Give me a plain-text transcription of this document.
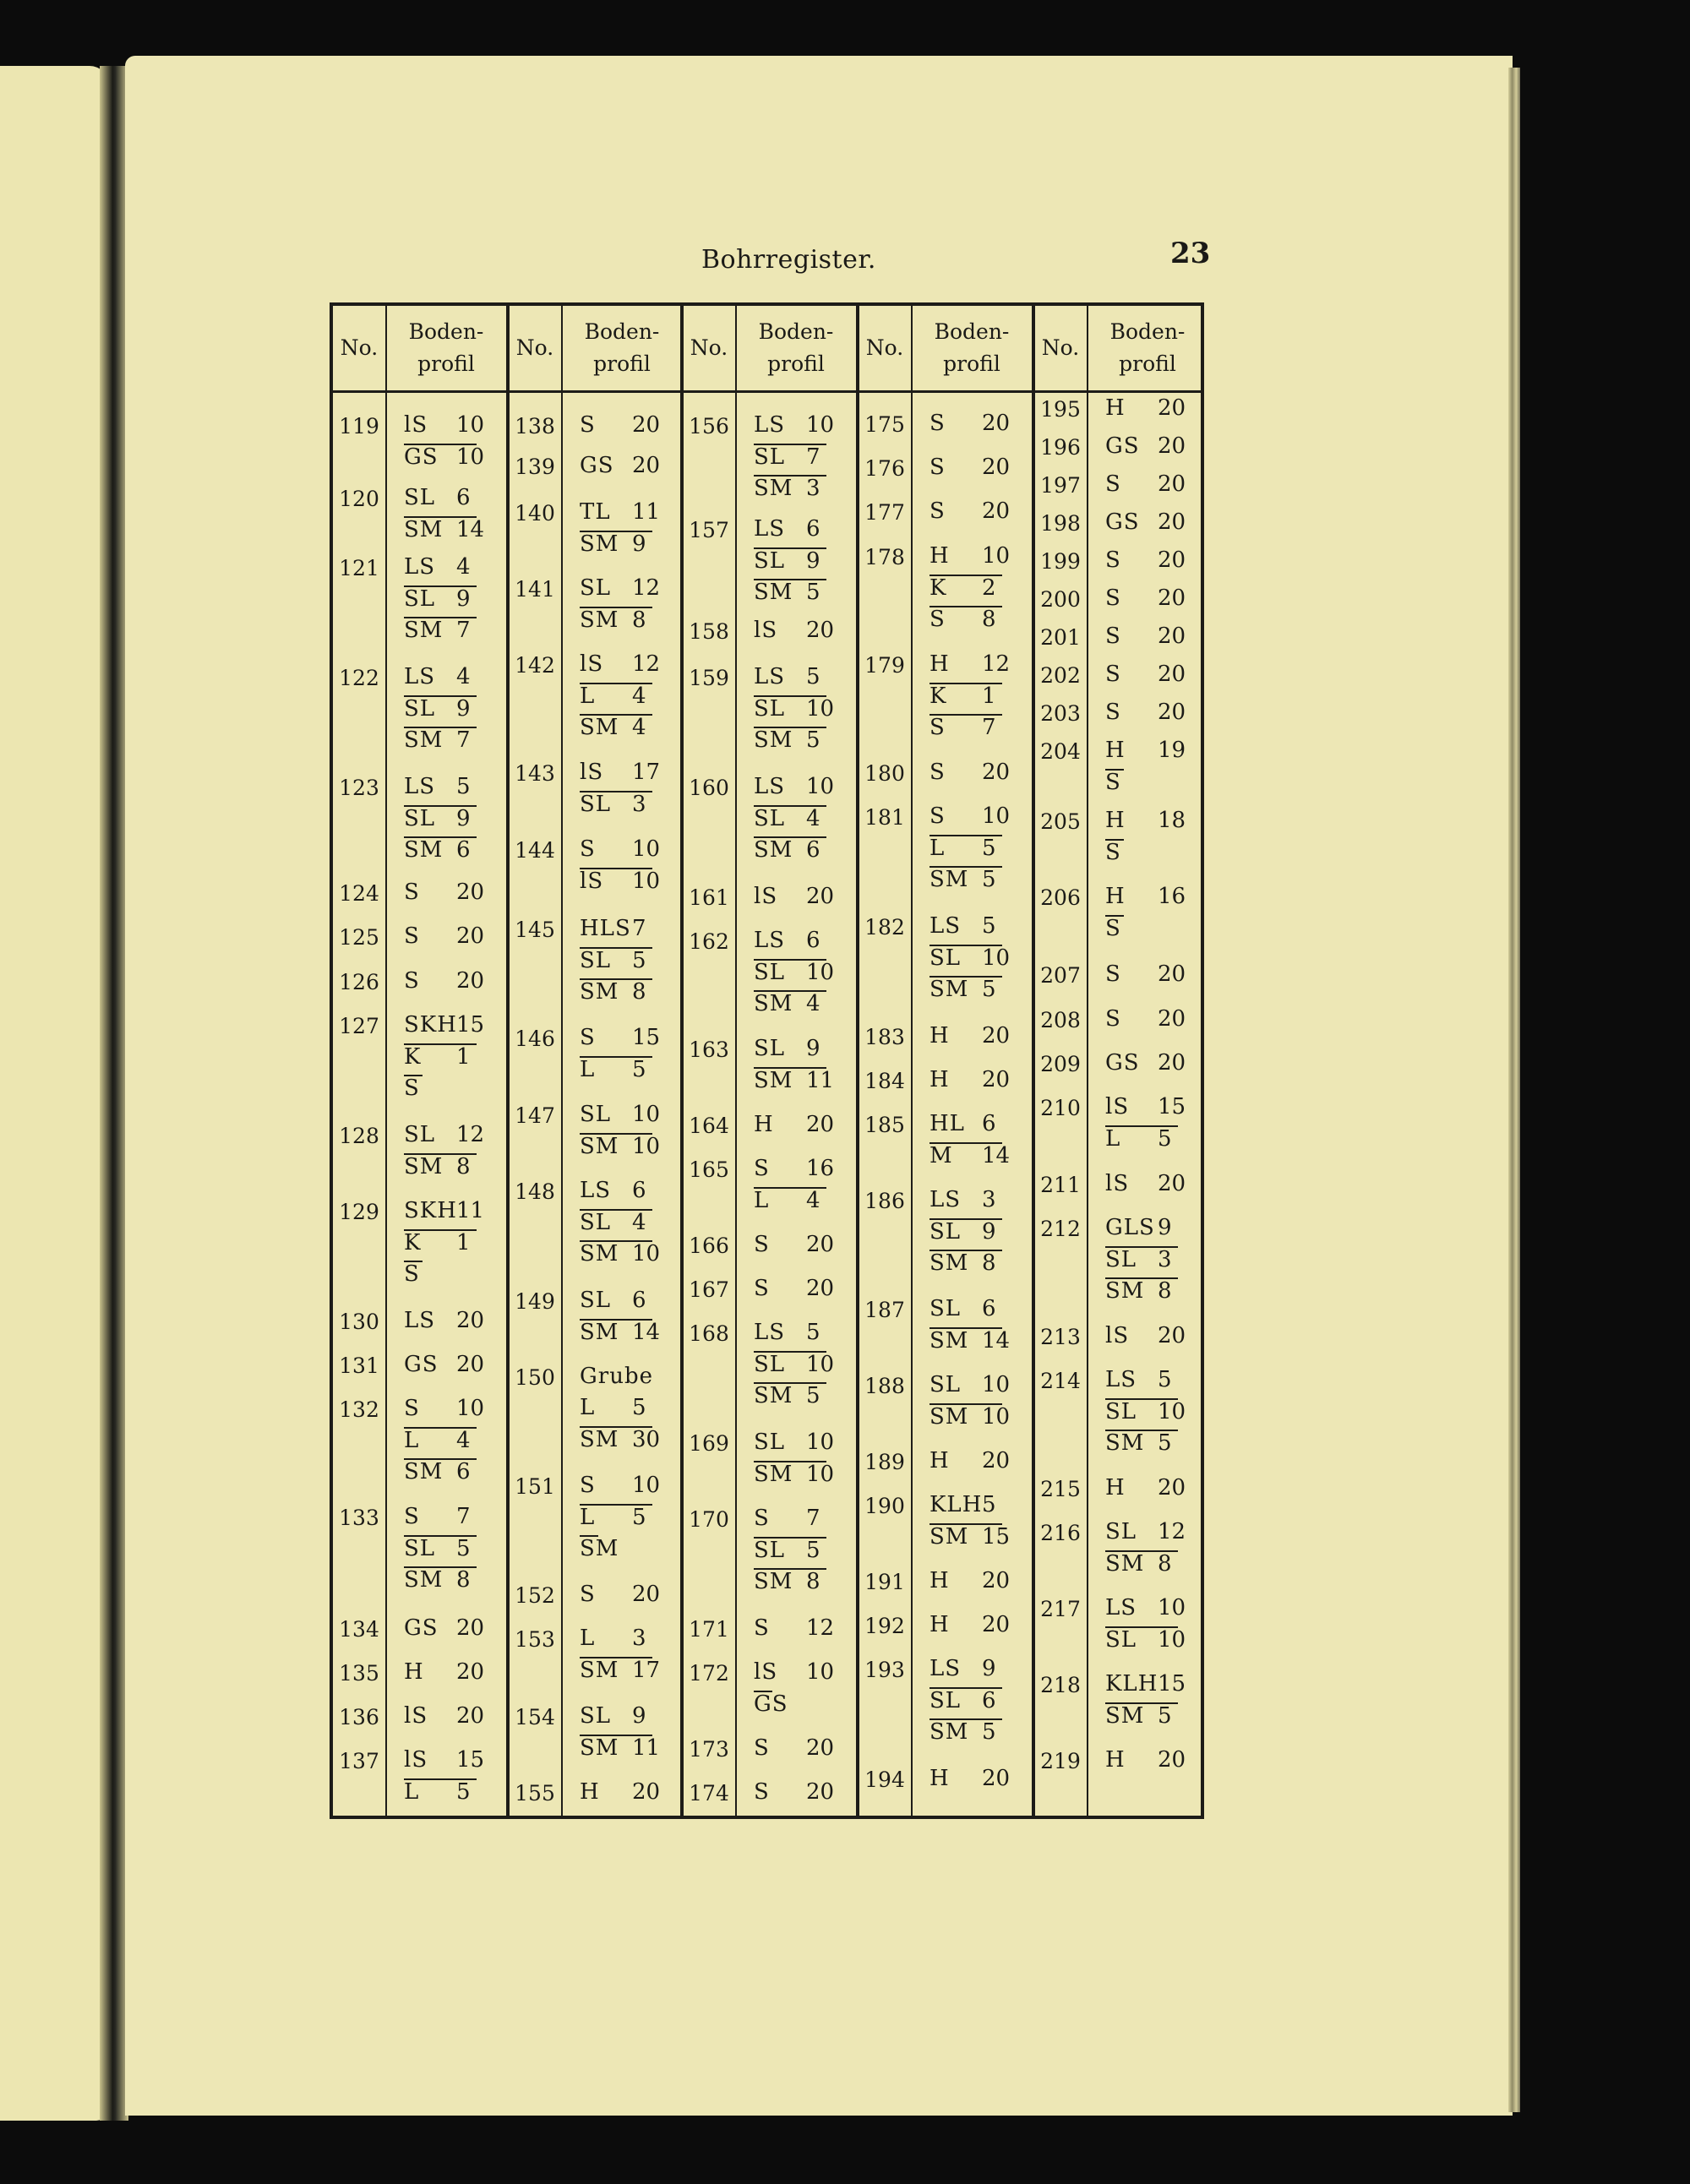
Bohrregister.	23
No.
Boden-
profil
119 lS 10
GS 10
120 SL 6
SM 14
121 LS 4
SL 9
SM 7
122 LS 4
SL 9
SM 7
123 LS 5
SL 9
SM 6
124 S 20
125 S 20
126 S 20
127 SKH 15
K 1
S
128 SL 12
SM 8
129 SKH 11
K 1
S
130 LS 20
131 GS 20
132 S 10
L 4
SM 6
133 S 7
SL 5
SM 8
134 GS 20
135 H 20
136 lS 20
137 lS 15
L 5
No.
Boden-
profil
138 S 20
139 GS 20
140 TL 11
SM 9
141 SL 12
SM 8
142 lS 12
L 4
SM 4
143 lS 17
SL 3
144 S 10
lS 10
145 HLS 7
SL 5
SM 8
146 S 15
L 5
147 SL 10
SM 10
148 LS 6
SL 4
SM 10
149 SL 6
SM 14
150 Grube
L 5
SM 30
151 S 10
L 5
SM
152 S 20
153 L 3
SM 17
154 SL 9
SM 11
155 H 20
No.
Boden-
profil
156 LS 10
SL 7
SM 3
157 LS 6
SL 9
SM 5
158 lS 20
159 LS 5
SL 10
SM 5
160 LS 10
SL 4
SM 6
161 lS 20
162 LS 6
SL 10
SM 4
163 SL 9
SM 11
164 H 20
165 S 16
L 4
166 S 20
167 S 20
168 LS 5
SL 10
SM 5
169 SL 10
SM 10
170 S 7
SL 5
SM 8
171 S 12
172 lS 10
GS
173 S 20
174 S 20
No.
Boden-
profil
175 S 20
176 S 20
177 S 20
178 H 10
K 2
S 8
179 H 12
K 1
S 7
180 S 20
181 S 10
L 5
SM 5
182 LS 5
SL 10
SM 5
183 H 20
184 H 20
185 HL 6
M 14
186 LS 3
SL 9
SM 8
187 SL 6
SM 14
188 SL 10
SM 10
189 H 20
190 KLH 5
SM 15
191 H 20
192 H 20
193 LS 9
SL 6
SM 5
194 H 20
No.
Boden-
profil
195 H 20
196 GS 20
197 S 20
198 GS 20
199 S 20
200 S 20
201 S 20
202 S 20
203 S 20
204 H 19
S
205 H 18
S
206 H 16
S
207 S 20
208 S 20
209 GS 20
210 lS 15
L 5
211 lS 20
212 GLS 9
SL 3
SM 8
213 lS 20
214 LS 5
SL 10
SM 5
215 H 20
216 SL 12
SM 8
217 LS 10
SL 10
218 KLH 15
SM 5
219 H 20
